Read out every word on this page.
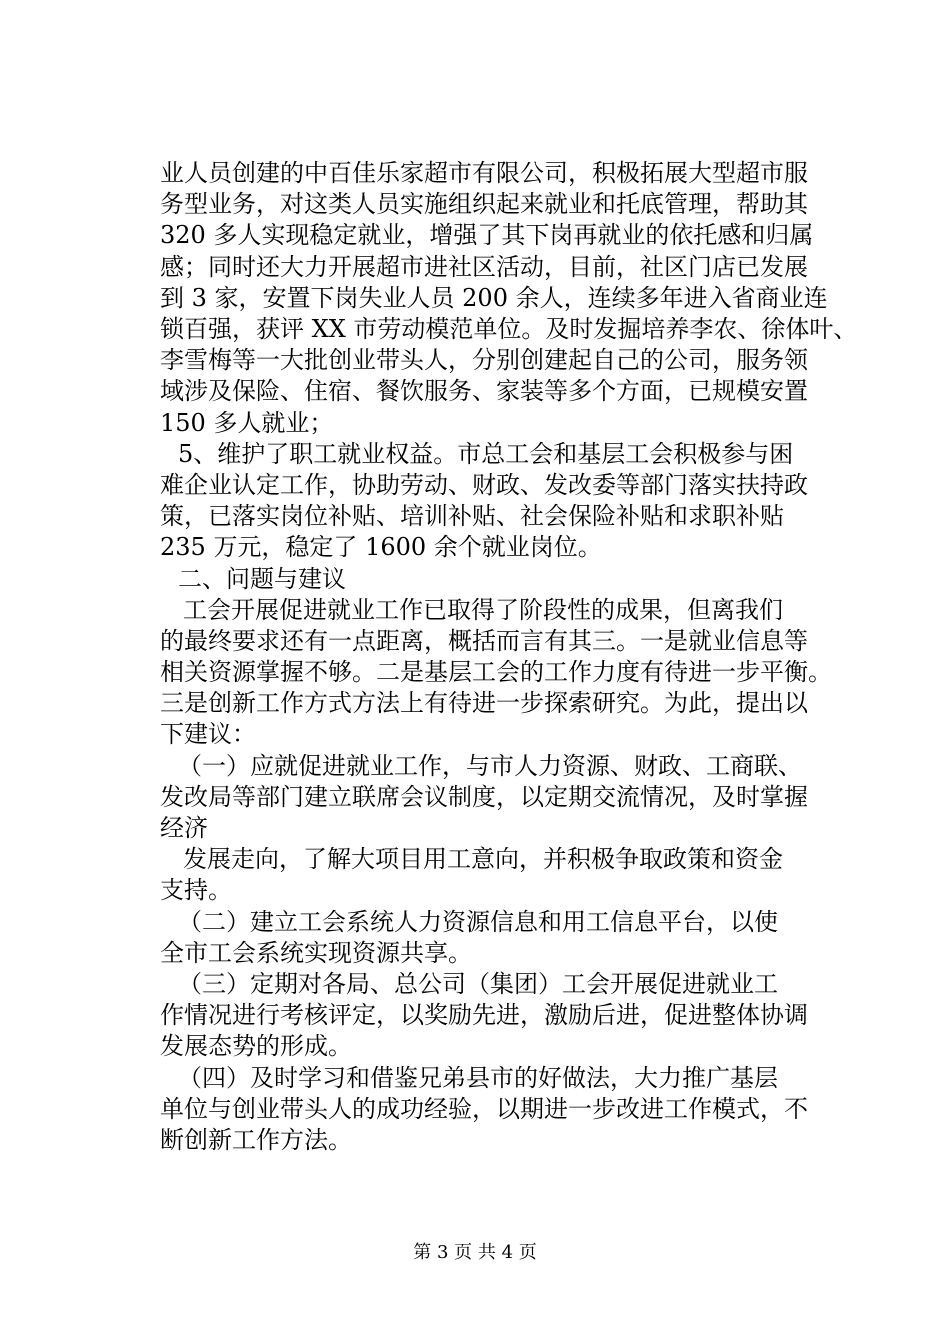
业人员创建的中百佳乐家超市有限公司，积极拓展大型超市服
务型业务，对这类人员实施组织起来就业和托底管理，帮助其
320 多人实现稳定就业，增强了其下岗再就业的依托感和归属
感；同时还大力开展超市进社区活动，目前，社区门店已发展
到 3 家，安置下岗失业人员 200 余人，连续多年进入省商业连
锁百强，获评 XX 市劳动模范单位。及时发掘培养李农、徐体叶、
李雪梅等一大批创业带头人，分别创建起自己的公司，服务领
域涉及保险、住宿、餐饮服务、家装等多个方面，已规模安置
150 多人就业；
5、维护了职工就业权益。市总工会和基层工会积极参与困
难企业认定工作，协助劳动、财政、发改委等部门落实扶持政
策，已落实岗位补贴、培训补贴、社会保险补贴和求职补贴
235 万元，稳定了 1600 余个就业岗位。
二、问题与建议
工会开展促进就业工作已取得了阶段性的成果，但离我们
的最终要求还有一点距离，概括而言有其三。一是就业信息等
相关资源掌握不够。二是基层工会的工作力度有待进一步平衡。
三是创新工作方式方法上有待进一步探索研究。为此，提出以
下建议：
（一）应就促进就业工作，与市人力资源、财政、工商联、
发改局等部门建立联席会议制度，以定期交流情况，及时掌握
经济
发展走向，了解大项目用工意向，并积极争取政策和资金
支持。
（二）建立工会系统人力资源信息和用工信息平台，以使
全市工会系统实现资源共享。
（三）定期对各局、总公司（集团）工会开展促进就业工
作情况进行考核评定，以奖励先进，激励后进，促进整体协调
发展态势的形成。
（四）及时学习和借鉴兄弟县市的好做法，大力推广基层
单位与创业带头人的成功经验，以期进一步改进工作模式，不
断创新工作方法。
第 3 页 共 4 页
